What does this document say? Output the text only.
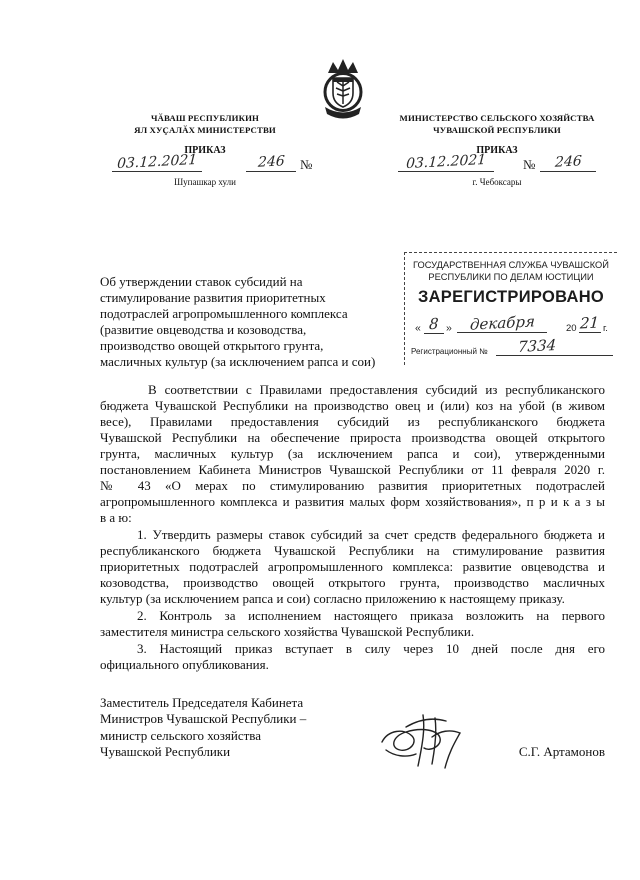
ЧӐВАШ РЕСПУБЛИКИН
ЯЛ ХУҪАЛӐХ МИНИСТЕРСТВИ
ПРИКАЗ
03.12.2021	246	№
Шупашкар хули
МИНИСТЕРСТВО СЕЛЬСКОГО ХОЗЯЙСТВА
ЧУВАШСКОЙ РЕСПУБЛИКИ
ПРИКАЗ
03.12.2021	№	246
г. Чебоксары
ГОСУДАРСТВЕННАЯ СЛУЖБА ЧУВАШСКОЙ
РЕСПУБЛИКИ ПО ДЕЛАМ ЮСТИЦИИ
ЗАРЕГИСТРИРОВАНО
« 8 »	декабря	20 21 г.
Регистрационный №	7334
Об утверждении ставок субсидий на
стимулирование развития приоритетных
подотраслей агропромышленного комплекса
(развитие овцеводства и козоводства,
производство овощей открытого грунта,
масличных культур (за исключением рапса и сои)
В соответствии с Правилами предоставления субсидий из республиканского
бюджета Чувашской Республики на производство овец и (или) коз на убой (в живом
весе), Правилами предоставления субсидий из республиканского бюджета
Чувашской Республики на обеспечение прироста производства овощей открытого
грунта, масличных культур (за исключением рапса и сои), утвержденными
постановлением Кабинета Министров Чувашской Республики от 11 февраля 2020 г.
№ 43 «О мерах по стимулированию развития приоритетных подотраслей
агропромышленного комплекса и развития малых форм хозяйствования», п р и к а з ы
в а ю:
1. Утвердить размеры ставок субсидий за счет средств федерального бюджета и
республиканского бюджета Чувашской Республики на стимулирование развития
приоритетных подотраслей агропромышленного комплекса: развитие овцеводства и
козоводства, производство овощей открытого грунта, производство масличных
культур (за исключением рапса и сои) согласно приложению к настоящему приказу.
2. Контроль за исполнением настоящего приказа возложить на первого
заместителя министра сельского хозяйства Чувашской Республики.
3. Настоящий приказ вступает в силу через 10 дней после дня его
официального опубликования.
Заместитель Председателя Кабинета
Министров Чувашской Республики –
министр сельского хозяйства
Чувашской Республики	С.Г. Артамонов
